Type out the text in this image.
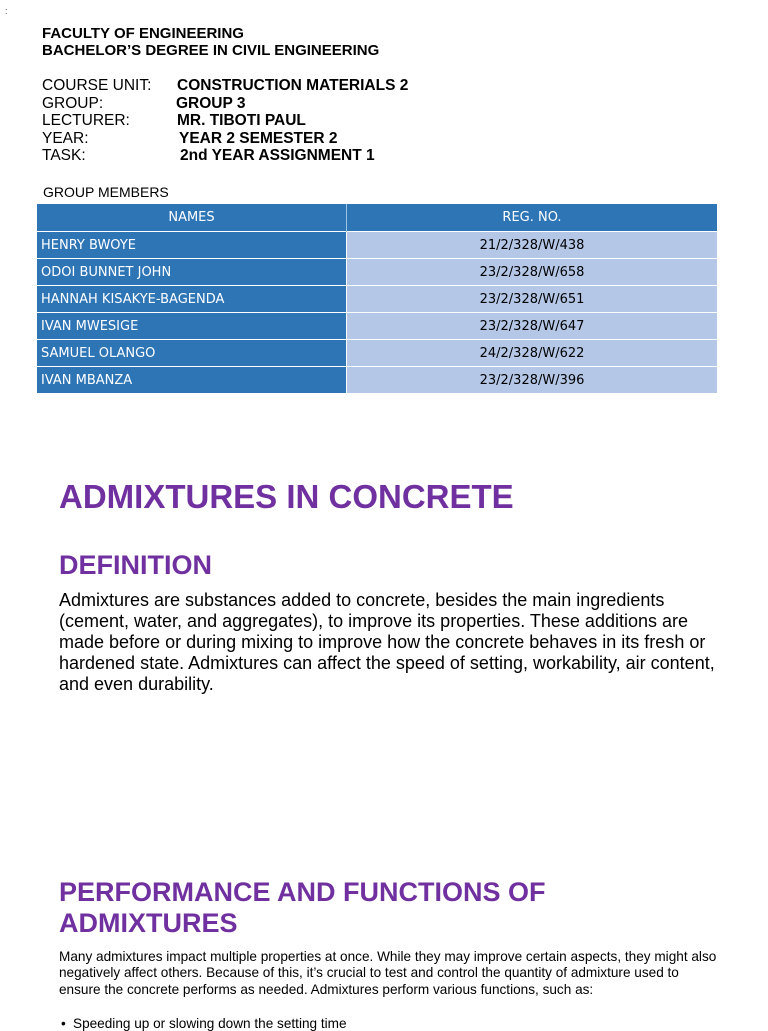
:
FACULTY OF ENGINEERING
BACHELOR’S DEGREE IN CIVIL ENGINEERING
COURSE UNIT: CONSTRUCTION MATERIALS 2
GROUP:	GROUP 3
LECTURER:	MR. TIBOTI PAUL
YEAR:	YEAR 2 SEMESTER 2
TASK:	2nd YEAR ASSIGNMENT 1
GROUP MEMBERS
NAMES	REG. NO.
HENRY BWOYE	21/2/328/W/438
ODOI BUNNET JOHN	23/2/328/W/658
HANNAH KISAKYE-BAGENDA	23/2/328/W/651
IVAN MWESIGE	23/2/328/W/647
SAMUEL OLANGO	24/2/328/W/622
IVAN MBANZA	23/2/328/W/396
ADMIXTURES IN CONCRETE
DEFINITION

Admixtures are substances added to concrete, besides the main ingredients (cement, water, and aggregates), to improve its properties. These additions are made before or during mixing to improve how the concrete behaves in its fresh or hardened state. Admixtures can affect the speed of setting, workability, air content, and even durability.

PERFORMANCE AND FUNCTIONS OF ADMIXTURES

Many admixtures impact multiple properties at once. While they may improve certain aspects, they might also negatively affect others. Because of this, it’s crucial to test and control the quantity of admixture used to ensure the concrete performs as needed. Admixtures perform various functions, such as:

• Speeding up or slowing down the setting time
